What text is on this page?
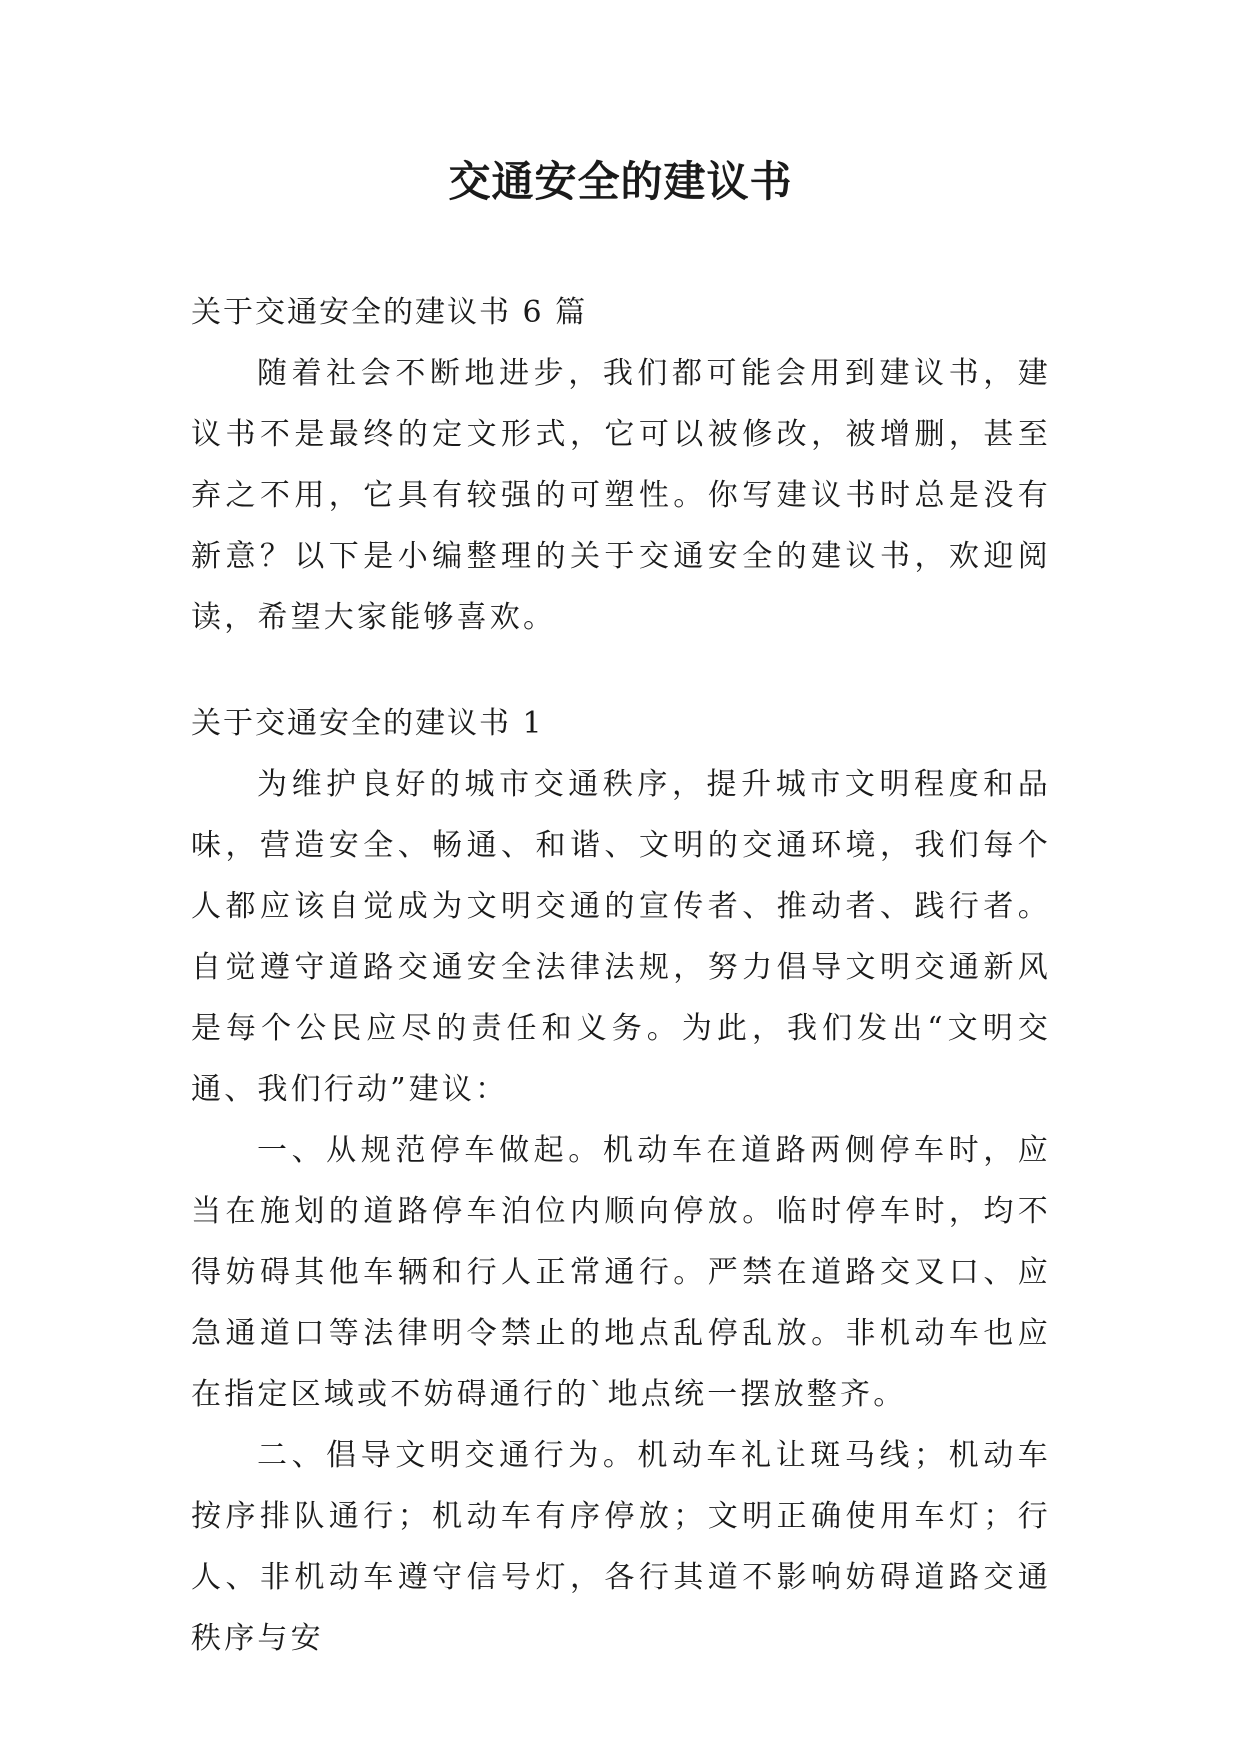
交通安全的建议书

关于交通安全的建议书 6 篇

随着社会不断地进步，我们都可能会用到建议书，建议书不是最终的定文形式，它可以被修改，被增删，甚至弃之不用，它具有较强的可塑性。你写建议书时总是没有新意？以下是小编整理的关于交通安全的建议书，欢迎阅读，希望大家能够喜欢。

关于交通安全的建议书 1

为维护良好的城市交通秩序，提升城市文明程度和品味，营造安全、畅通、和谐、文明的交通环境，我们每个人都应该自觉成为文明交通的宣传者、推动者、践行者。自觉遵守道路交通安全法律法规，努力倡导文明交通新风是每个公民应尽的责任和义务。为此，我们发出“文明交通、我们行动”建议：

一、从规范停车做起。机动车在道路两侧停车时，应当在施划的道路停车泊位内顺向停放。临时停车时，均不得妨碍其他车辆和行人正常通行。严禁在道路交叉口、应急通道口等法律明令禁止的地点乱停乱放。非机动车也应在指定区域或不妨碍通行的`地点统一摆放整齐。

二、倡导文明交通行为。机动车礼让斑马线；机动车按序排队通行；机动车有序停放；文明正确使用车灯；行人、非机动车遵守信号灯，各行其道不影响妨碍道路交通秩序与安
